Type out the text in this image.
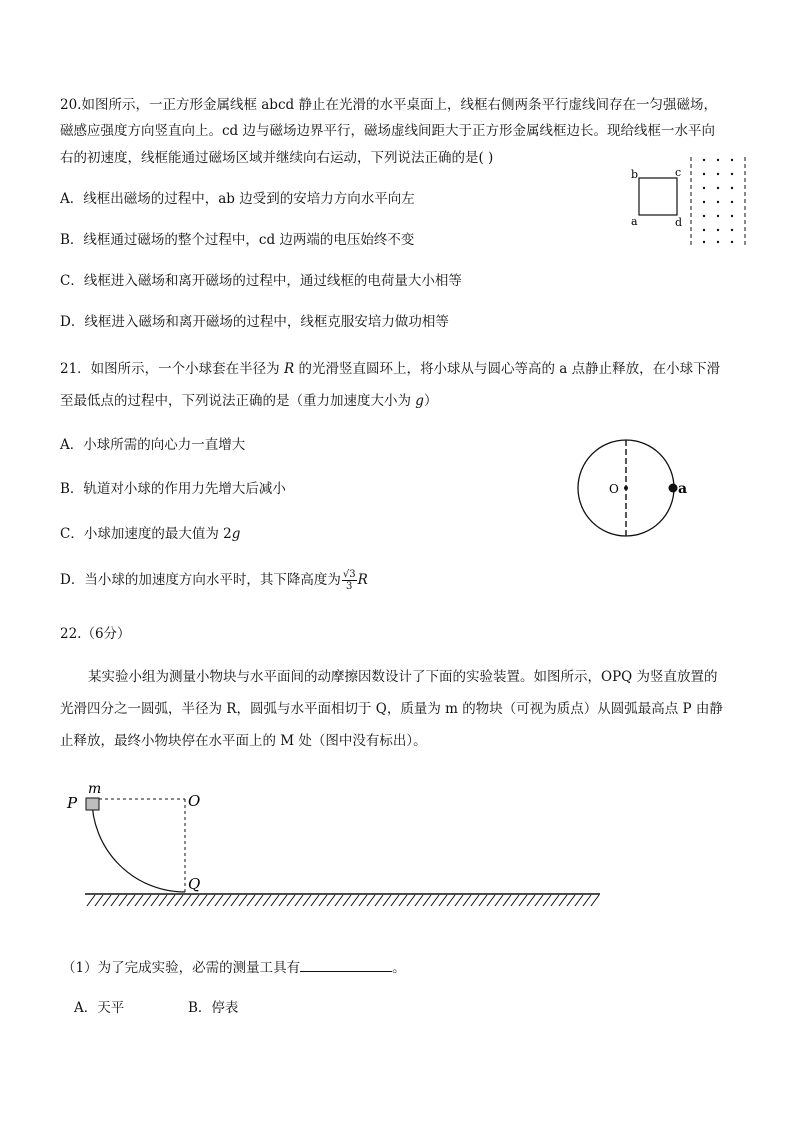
20.如图所示，一正方形金属线框 abcd 静止在光滑的水平桌面上，线框右侧两条平行虚线间存在一匀强磁场，
磁感应强度方向竖直向上。cd 边与磁场边界平行，磁场虚线间距大于正方形金属线框边长。现给线框一水平向
右的初速度，线框能通过磁场区域并继续向右运动，下列说法正确的是( )
A．线框出磁场的过程中，ab 边受到的安培力方向水平向左
B．线框通过磁场的整个过程中，cd 边两端的电压始终不变
C．线框进入磁场和离开磁场的过程中，通过线框的电荷量大小相等
D．线框进入磁场和离开磁场的过程中，线框克服安培力做功相等
b	c
a	d
21．如图所示，一个小球套在半径为 R 的光滑竖直圆环上，将小球从与圆心等高的 a 点静止释放，在小球下滑
至最低点的过程中，下列说法正确的是（重力加速度大小为 g）
A．小球所需的向心力一直增大
B．轨道对小球的作用力先增大后减小
C．小球加速度的最大值为 2g
D．当小球的加速度方向水平时，其下降高度为 $\frac{√3}{3}$ R
O	a
22.（6分）
某实验小组为测量小物块与水平面间的动摩擦因数设计了下面的实验装置。如图所示，OPQ 为竖直放置的
光滑四分之一圆弧，半径为 R，圆弧与水平面相切于 Q，质量为 m 的物块（可视为质点）从圆弧最高点 P 由静
止释放，最终小物块停在水平面上的 M 处（图中没有标出）。
m
P	O
Q
（1）为了完成实验，必需的测量工具有	。
A．天平	B．停表
